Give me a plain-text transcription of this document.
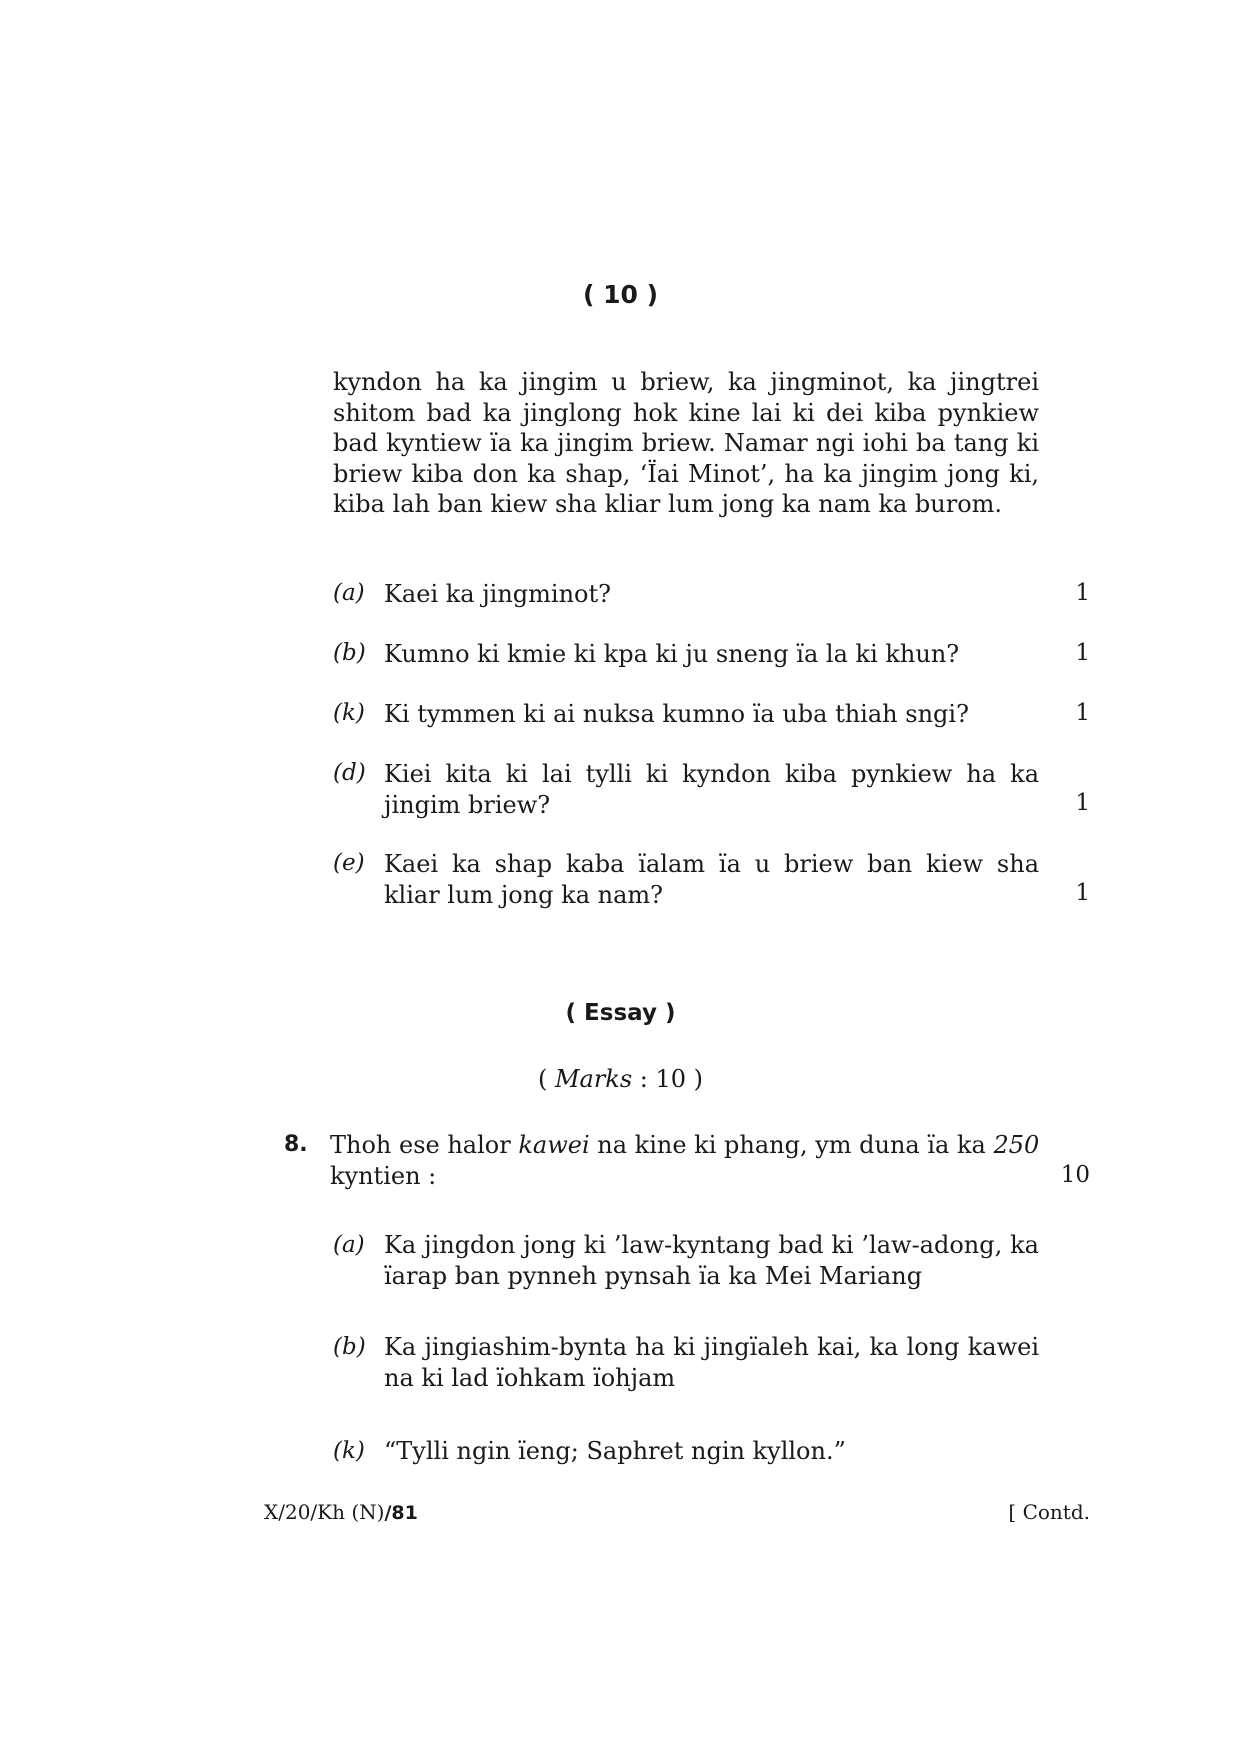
( 10 )
kyndon ha ka jingim u briew, ka jingminot, ka jingtrei shitom bad ka jinglong hok kine lai ki dei kiba pynkiew bad kyntiew ïa ka jingim briew. Namar ngi iohi ba tang ki briew kiba don ka shap, ‘Ïai Minot’, ha ka jingim jong ki, kiba lah ban kiew sha kliar lum jong ka nam ka burom.
(a) Kaei ka jingminot?	1
(b) Kumno ki kmie ki kpa ki ju sneng ïa la ki khun?	1
(k) Ki tymmen ki ai nuksa kumno ïa uba thiah sngi?	1
(d) Kiei kita ki lai tylli ki kyndon kiba pynkiew ha ka jingim briew?	1
(e) Kaei ka shap kaba ïalam ïa u briew ban kiew sha kliar lum jong ka nam?	1
( Essay )
( Marks : 10 )
8. Thoh ese halor kawei na kine ki phang, ym duna ïa ka 250 kyntien :	10
(a) Ka jingdon jong ki ’law-kyntang bad ki ’law-adong, ka ïarap ban pynneh pynsah ïa ka Mei Mariang
(b) Ka jingiashim-bynta ha ki jingïaleh kai, ka long kawei na ki lad ïohkam ïohjam
(k) “Tylli ngin ïeng; Saphret ngin kyllon.”
X/20/Kh (N)/81	[ Contd.
